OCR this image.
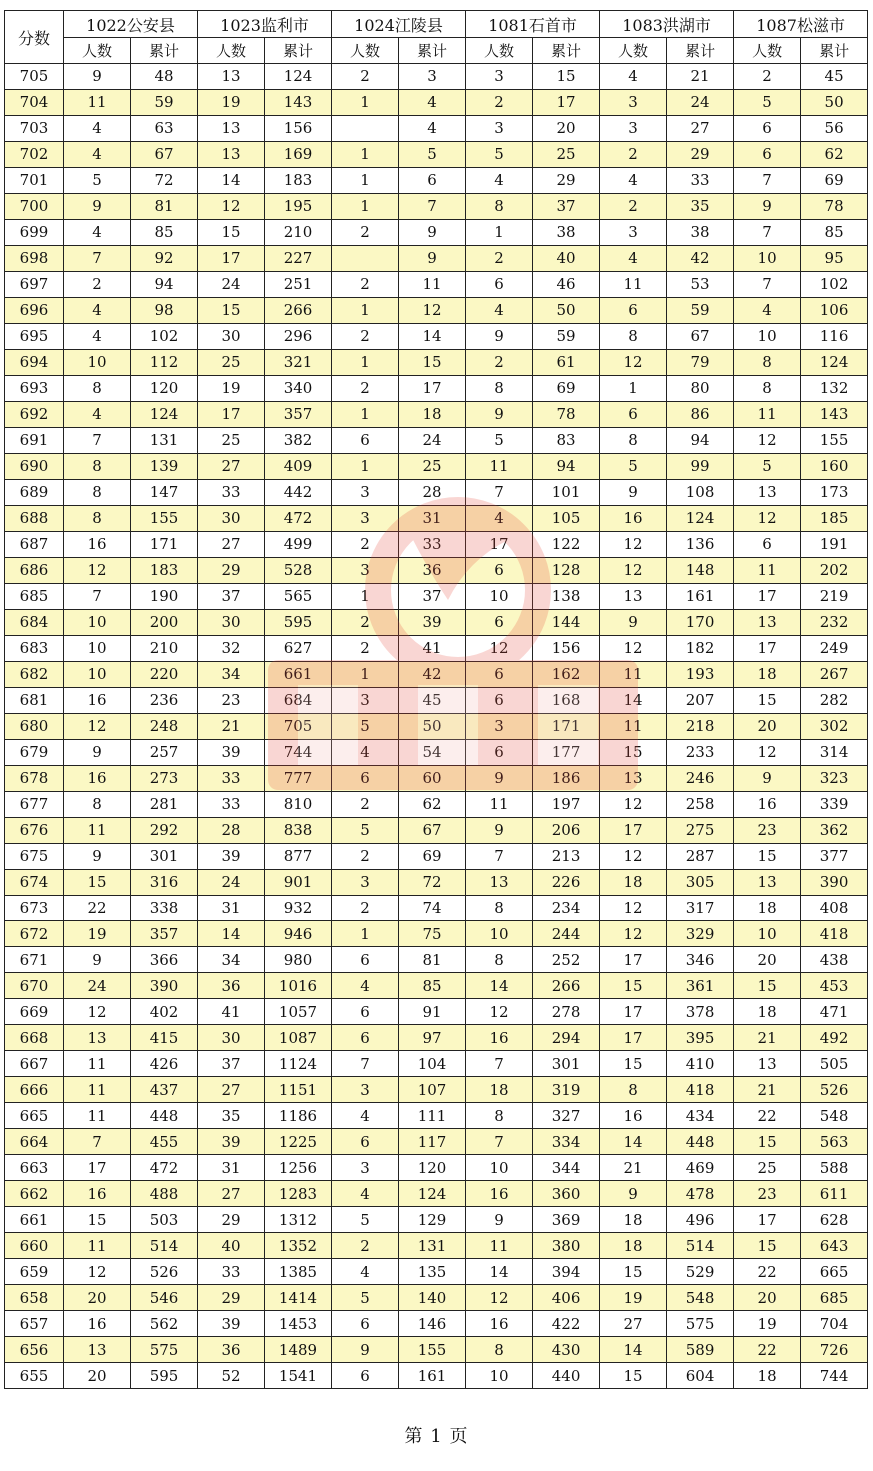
分数	1022公安县		1023监利市		1024江陵县		1081石首市		1083洪湖市		1087松滋市	
	人数	累计	人数	累计	人数	累计	人数	累计	人数	累计	人数	累计
705	9	48	13	124	2	3	3	15	4	21	2	45
704	11	59	19	143	1	4	2	17	3	24	5	50
703	4	63	13	156		4	3	20	3	27	6	56
702	4	67	13	169	1	5	5	25	2	29	6	62
701	5	72	14	183	1	6	4	29	4	33	7	69
700	9	81	12	195	1	7	8	37	2	35	9	78
699	4	85	15	210	2	9	1	38	3	38	7	85
698	7	92	17	227		9	2	40	4	42	10	95
697	2	94	24	251	2	11	6	46	11	53	7	102
696	4	98	15	266	1	12	4	50	6	59	4	106
695	4	102	30	296	2	14	9	59	8	67	10	116
694	10	112	25	321	1	15	2	61	12	79	8	124
693	8	120	19	340	2	17	8	69	1	80	8	132
692	4	124	17	357	1	18	9	78	6	86	11	143
691	7	131	25	382	6	24	5	83	8	94	12	155
690	8	139	27	409	1	25	11	94	5	99	5	160
689	8	147	33	442	3	28	7	101	9	108	13	173
688	8	155	30	472	3	31	4	105	16	124	12	185
687	16	171	27	499	2	33	17	122	12	136	6	191
686	12	183	29	528	3	36	6	128	12	148	11	202
685	7	190	37	565	1	37	10	138	13	161	17	219
684	10	200	30	595	2	39	6	144	9	170	13	232
683	10	210	32	627	2	41	12	156	12	182	17	249
682	10	220	34	661	1	42	6	162	11	193	18	267
681	16	236	23	684	3	45	6	168	14	207	15	282
680	12	248	21	705	5	50	3	171	11	218	20	302
679	9	257	39	744	4	54	6	177	15	233	12	314
678	16	273	33	777	6	60	9	186	13	246	9	323
677	8	281	33	810	2	62	11	197	12	258	16	339
676	11	292	28	838	5	67	9	206	17	275	23	362
675	9	301	39	877	2	69	7	213	12	287	15	377
674	15	316	24	901	3	72	13	226	18	305	13	390
673	22	338	31	932	2	74	8	234	12	317	18	408
672	19	357	14	946	1	75	10	244	12	329	10	418
671	9	366	34	980	6	81	8	252	17	346	20	438
670	24	390	36	1016	4	85	14	266	15	361	15	453
669	12	402	41	1057	6	91	12	278	17	378	18	471
668	13	415	30	1087	6	97	16	294	17	395	21	492
667	11	426	37	1124	7	104	7	301	15	410	13	505
666	11	437	27	1151	3	107	18	319	8	418	21	526
665	11	448	35	1186	4	111	8	327	16	434	22	548
664	7	455	39	1225	6	117	7	334	14	448	15	563
663	17	472	31	1256	3	120	10	344	21	469	25	588
662	16	488	27	1283	4	124	16	360	9	478	23	611
661	15	503	29	1312	5	129	9	369	18	496	17	628
660	11	514	40	1352	2	131	11	380	18	514	15	643
659	12	526	33	1385	4	135	14	394	15	529	22	665
658	20	546	29	1414	5	140	12	406	19	548	20	685
657	16	562	39	1453	6	146	16	422	27	575	19	704
656	13	575	36	1489	9	155	8	430	14	589	22	726
655	20	595	52	1541	6	161	10	440	15	604	18	744
第 1 页
